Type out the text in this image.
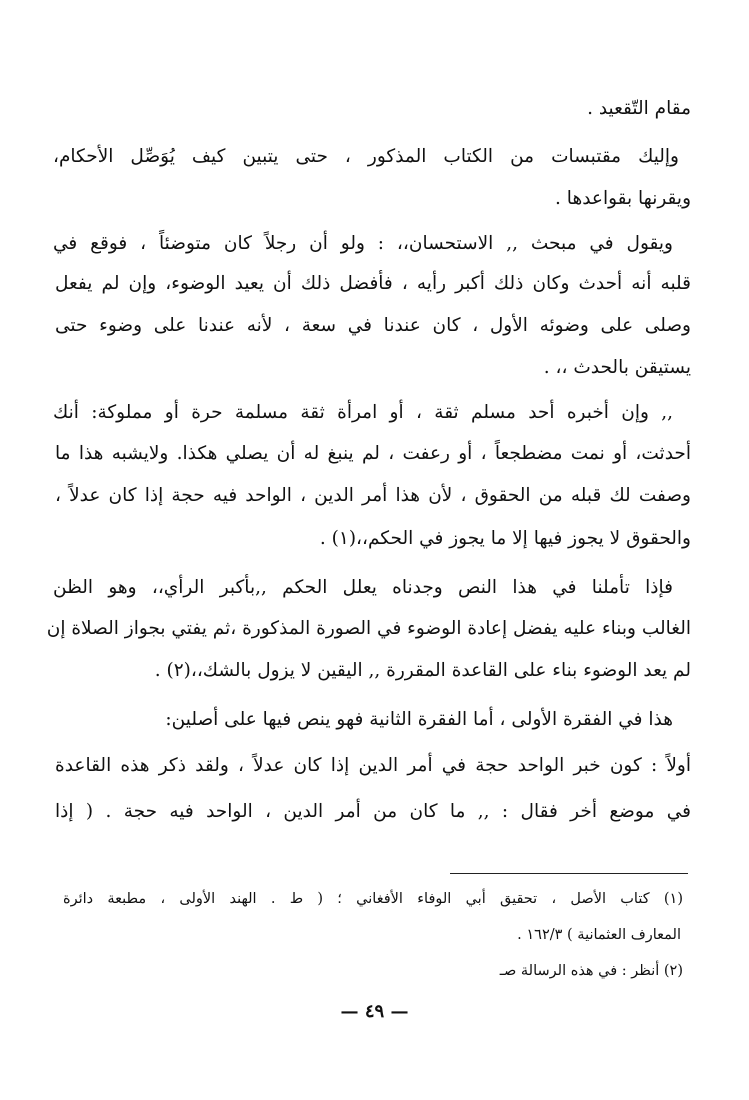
مقام التّقعيد .
وإليك مقتبسات من الكتاب المذكور ، حتى يتبين كيف يُوَصِّل الأحكام،
ويقرنها بقواعدها .
ويقول في مبحث ,, الاستحسان،، : ولو أن رجلاً كان متوضئاً ، فوقع في
قلبه أنه أحدث وكان ذلك أكبر رأيه ، فأفضل ذلك أن يعيد الوضوء، وإن لم يفعل
وصلى على وضوئه الأول ، كان عندنا في سعة ، لأنه عندنا على وضوء حتى
يستيقن بالحدث ،، .
,, وإن أخبره أحد مسلم ثقة ، أو امرأة ثقة مسلمة حرة أو مملوكة: أنك
أحدثت، أو نمت مضطجعاً ، أو رعفت ، لم ينبغ له أن يصلي هكذا. ولايشبه هذا ما
وصفت لك قبله من الحقوق ، لأن هذا أمر الدين ، الواحد فيه حجة إذا كان عدلاً ،
والحقوق لا يجوز فيها إلا ما يجوز في الحكم،،(١) .
فإذا تأملنا في هذا النص وجدناه يعلل الحكم ,,بأكبر الرأي،، وهو الظن
الغالب وبناء عليه يفضل إعادة الوضوء في الصورة المذكورة ،ثم يفتي بجواز الصلاة إن
لم يعد الوضوء بناء على القاعدة المقررة ,, اليقين لا يزول بالشك،،(٢) .
هذا في الفقرة الأولى ، أما الفقرة الثانية فهو ينص فيها على أصلين:
أولاً : كون خبر الواحد حجة في أمر الدين إذا كان عدلاً ، ولقد ذكر هذه القاعدة
في موضع أخر فقال : ,, ما كان من أمر الدين ، الواحد فيه حجة . ( إذا
(١) كتاب الأصل ، تحقيق أبي الوفاء الأفغاني ؛ ( ط . الهند الأولى ، مطبعة دائرة
المعارف العثمانية ) ١٦٢/٣ .
(٢) أنظر : في هذه الرسالة صـ
— ٤٩ —
